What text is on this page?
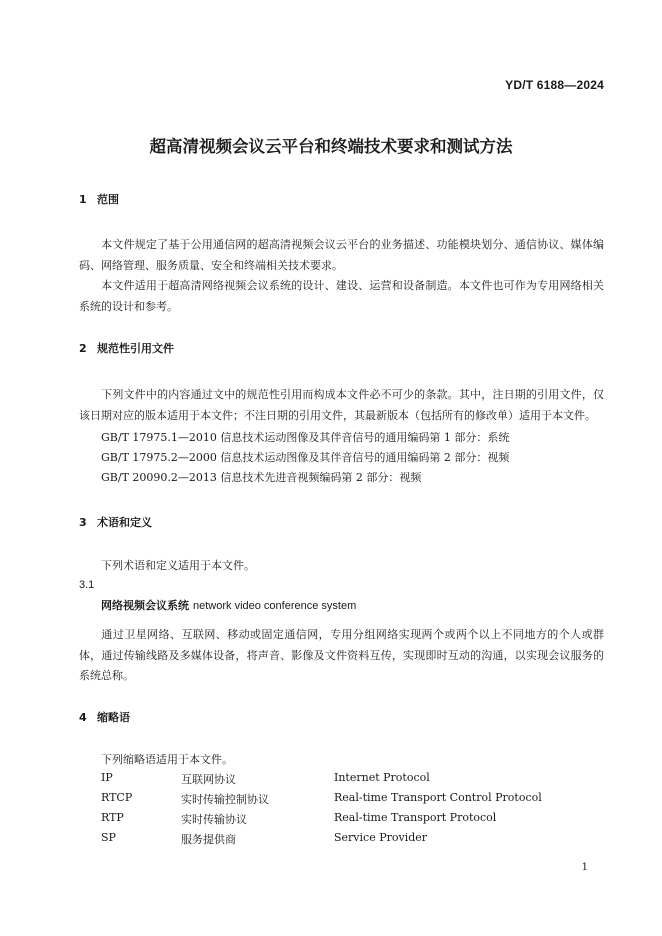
YD/T 6188—2024
超高清视频会议云平台和终端技术要求和测试方法
1 范围
本文件规定了基于公用通信网的超高清视频会议云平台的业务描述、功能模块划分、通信协议、媒体编码、网络管理、服务质量、安全和终端相关技术要求。
本文件适用于超高清网络视频会议系统的设计、建设、运营和设备制造。本文件也可作为专用网络相关系统的设计和参考。
2 规范性引用文件
下列文件中的内容通过文中的规范性引用而构成本文件必不可少的条款。其中，注日期的引用文件，仅该日期对应的版本适用于本文件；不注日期的引用文件，其最新版本（包括所有的修改单）适用于本文件。
GB/T 17975.1—2010 信息技术运动图像及其伴音信号的通用编码第 1 部分：系统
GB/T 17975.2—2000 信息技术运动图像及其伴音信号的通用编码第 2 部分：视频
GB/T 20090.2—2013 信息技术先进音视频编码第 2 部分：视频
3 术语和定义
下列术语和定义适用于本文件。
3.1
网络视频会议系统 network video conference system
通过卫星网络、互联网、移动或固定通信网，专用分组网络实现两个或两个以上不同地方的个人或群体，通过传输线路及多媒体设备，将声音、影像及文件资料互传，实现即时互动的沟通，以实现会议服务的系统总称。
4 缩略语
下列缩略语适用于本文件。
IP	互联网协议	Internet Protocol
RTCP	实时传输控制协议	Real-time Transport Control Protocol
RTP	实时传输协议	Real-time Transport Protocol
SP	服务提供商	Service Provider
1
